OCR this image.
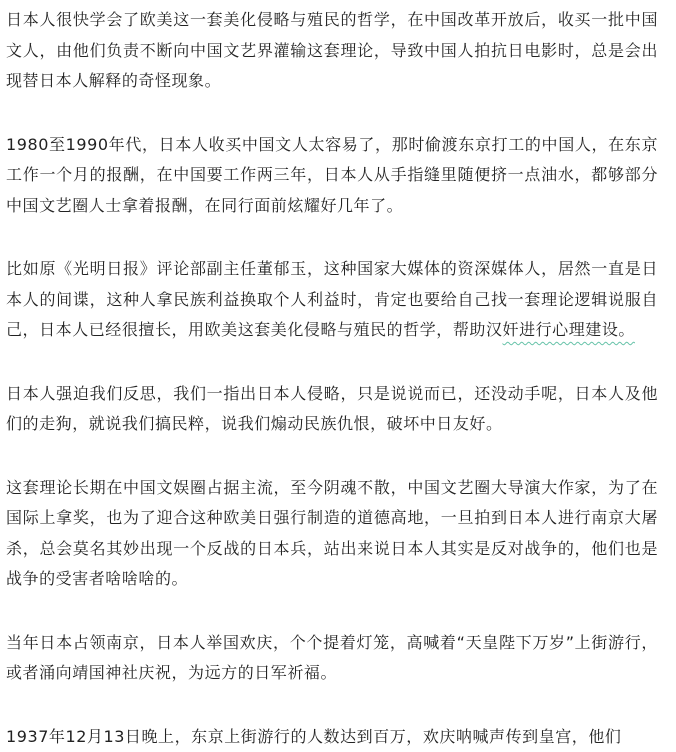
日本人很快学会了欧美这一套美化侵略与殖民的哲学，在中国改革开放后，收买一批中国文人，由他们负责不断向中国文艺界灌输这套理论，导致中国人拍抗日电影时，总是会出现替日本人解释的奇怪现象。

1980至1990年代，日本人收买中国文人太容易了，那时偷渡东京打工的中国人，在东京工作一个月的报酬，在中国要工作两三年，日本人从手指缝里随便挤一点油水，都够部分中国文艺圈人士拿着报酬，在同行面前炫耀好几年了。

比如原《光明日报》评论部副主任董郁玉，这种国家大媒体的资深媒体人，居然一直是日本人的间谍，这种人拿民族利益换取个人利益时，肯定也要给自己找一套理论逻辑说服自己，日本人已经很擅长，用欧美这套美化侵略与殖民的哲学，帮助汉奸进行心理建设。

日本人强迫我们反思，我们一指出日本人侵略，只是说说而已，还没动手呢，日本人及他们的走狗，就说我们搞民粹，说我们煽动民族仇恨，破坏中日友好。

这套理论长期在中国文娱圈占据主流，至今阴魂不散，中国文艺圈大导演大作家，为了在国际上拿奖，也为了迎合这种欧美日强行制造的道德高地，一旦拍到日本人进行南京大屠杀，总会莫名其妙出现一个反战的日本兵，站出来说日本人其实是反对战争的，他们也是战争的受害者啥啥啥的。

当年日本占领南京，日本人举国欢庆，个个提着灯笼，高喊着“天皇陛下万岁”上街游行，或者涌向靖国神社庆祝，为远方的日军祈福。

1937年12月13日晚上，东京上街游行的人数达到百万，欢庆呐喊声传到皇宫，他们
